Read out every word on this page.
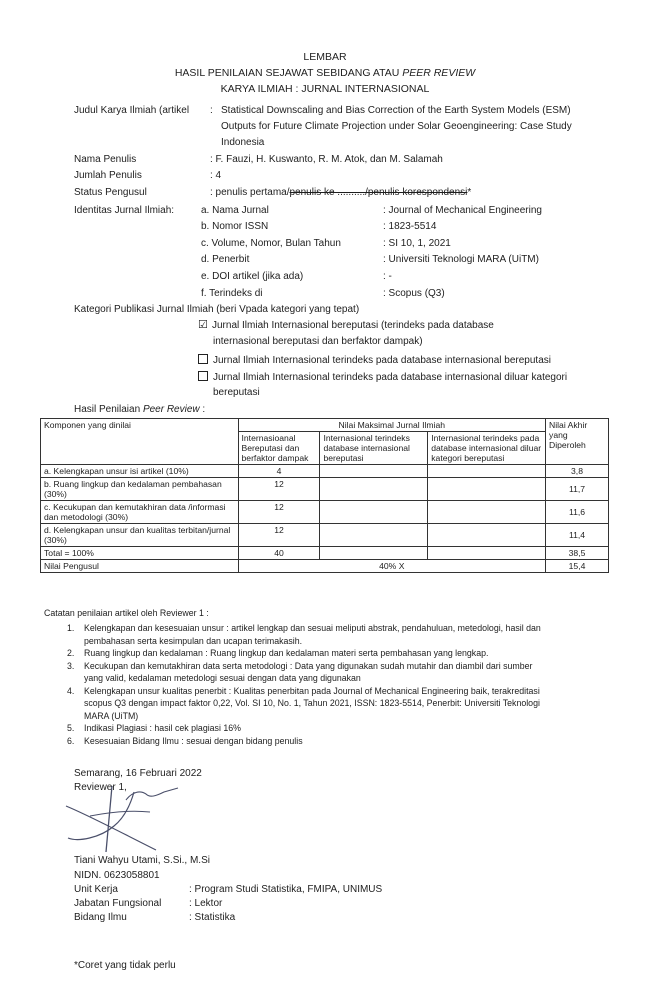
LEMBAR
HASIL PENILAIAN SEJAWAT SEBIDANG ATAU PEER REVIEW
KARYA ILMIAH : JURNAL INTERNASIONAL
Judul Karya Ilmiah (artikel : Statistical Downscaling and Bias Correction of the Earth System Models (ESM)
Outputs for Future Climate Projection under Solar Geoengineering: Case Study
Indonesia
Nama Penulis	: F. Fauzi, H. Kuswanto, R. M. Atok, dan M. Salamah
Jumlah Penulis	: 4
Status Pengusul	: penulis pertama/penulis ke ........../penulis korespondensi*
Identitas Jurnal Ilmiah:	a. Nama Jurnal	: Journal of Mechanical Engineering
b. Nomor ISSN	: 1823-5514
c. Volume, Nomor, Bulan Tahun	: SI 10, 1, 2021
d. Penerbit	: Universiti Teknologi MARA (UiTM)
e. DOI artikel (jika ada)	: -
f. Terindeks di	: Scopus (Q3)
Kategori Publikasi Jurnal Ilmiah (beri Vpada kategori yang tepat)
☑ Jurnal Ilmiah Internasional bereputasi (terindeks pada database
internasional bereputasi dan berfaktor dampak)
Jurnal Ilmiah Internasional terindeks pada database internasional bereputasi
Jurnal Ilmiah Internasional terindeks pada database internasional diluar kategori
bereputasi
Hasil Penilaian Peer Review :
Komponen yang dinilai	Nilai Maksimal Jurnal Ilmiah			Nilai Akhir yang Diperoleh
	Internasioanal Bereputasi dan berfaktor dampak	Internasional terindeks database internasional bereputasi	Internasional terindeks pada database internasional diluar kategori bereputasi	
a. Kelengkapan unsur isi artikel (10%)	4			3,8
b. Ruang lingkup dan kedalaman pembahasan (30%)	12			11,7
c. Kecukupan dan kemutakhiran data /informasi dan metodologi (30%)	12			11,6
d. Kelengkapan unsur dan kualitas terbitan/jurnal (30%)	12			11,4
Total = 100%	40			38,5
Nilai Pengusul	40% X			15,4
Catatan penilaian artikel oleh Reviewer 1 :
1. Kelengkapan dan kesesuaian unsur : artikel lengkap dan sesuai meliputi abstrak, pendahuluan, metedologi, hasil dan
pembahasan serta kesimpulan dan ucapan terimakasih.
2. Ruang lingkup dan kedalaman : Ruang lingkup dan kedalaman materi serta pembahasan yang lengkap.
3. Kecukupan dan kemutakhiran data serta metodologi : Data yang digunakan sudah mutahir dan diambil dari sumber
yang valid, kedalaman metedologi sesuai dengan data yang digunakan
4. Kelengkapan unsur kualitas penerbit : Kualitas penerbitan pada Journal of Mechanical Engineering baik, terakreditasi
scopus Q3 dengan impact faktor 0,22, Vol. SI 10, No. 1, Tahun 2021, ISSN: 1823-5514, Penerbit: Universiti Teknologi
MARA (UiTM)
5. Indikasi Plagiasi : hasil cek plagiasi 16%
6. Kesesuaian Bidang Ilmu : sesuai dengan bidang penulis
Semarang, 16 Februari 2022
Reviewer 1,
Tiani Wahyu Utami, S.Si., M.Si
NIDN. 0623058801
Unit Kerja	: Program Studi Statistika, FMIPA, UNIMUS
Jabatan Fungsional	: Lektor
Bidang Ilmu	: Statistika
*Coret yang tidak perlu
